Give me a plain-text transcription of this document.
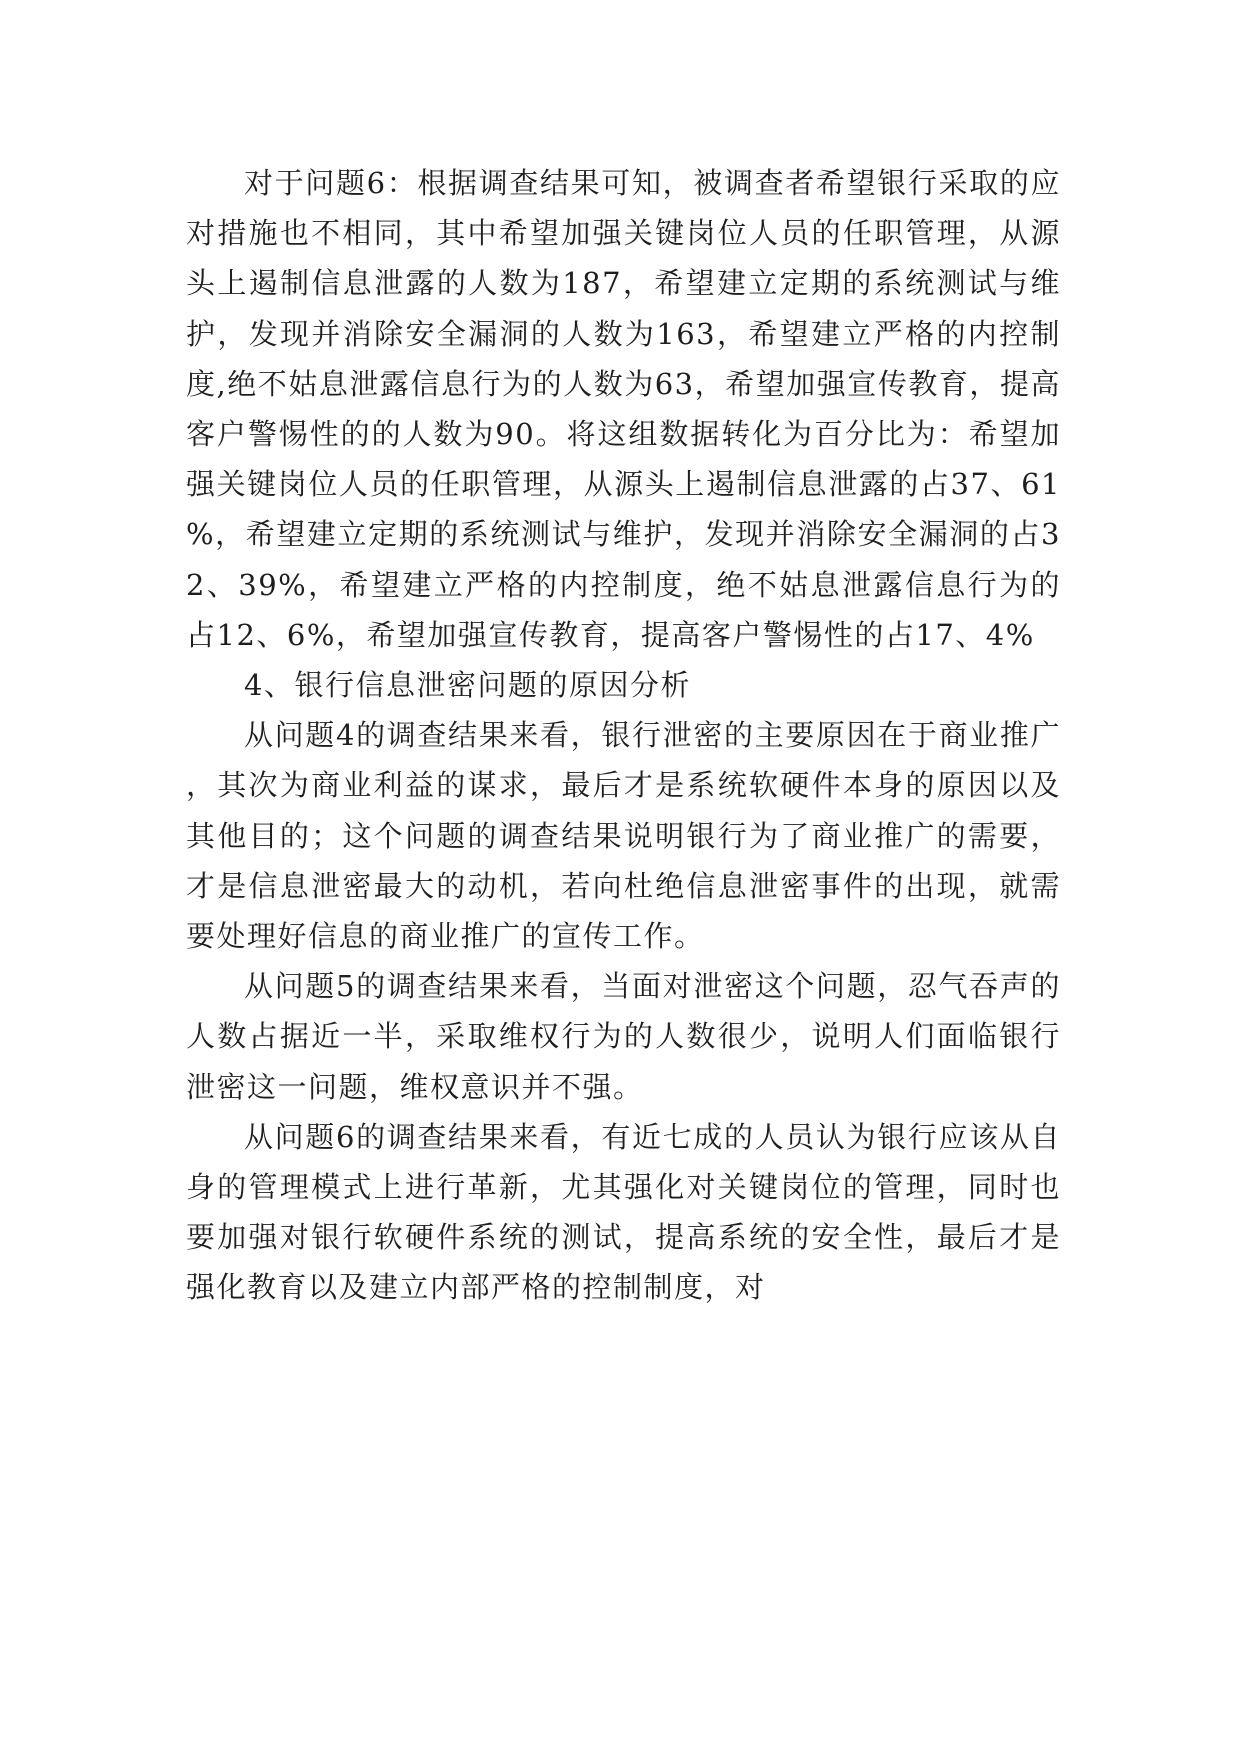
对于问题6：根据调查结果可知，被调查者希望银行采取的应对措施也不相同，其中希望加强关键岗位人员的任职管理，从源头上遏制信息泄露的人数为187，希望建立定期的系统测试与维护，发现并消除安全漏洞的人数为163，希望建立严格的内控制度,绝不姑息泄露信息行为的人数为63，希望加强宣传教育，提高客户警惕性的的人数为90。将这组数据转化为百分比为：希望加强关键岗位人员的任职管理，从源头上遏制信息泄露的占37、61%，希望建立定期的系统测试与维护，发现并消除安全漏洞的占32、39%，希望建立严格的内控制度，绝不姑息泄露信息行为的占12、6%，希望加强宣传教育，提高客户警惕性的占17、4%

4、银行信息泄密问题的原因分析

从问题4的调查结果来看，银行泄密的主要原因在于商业推广，其次为商业利益的谋求，最后才是系统软硬件本身的原因以及其他目的；这个问题的调查结果说明银行为了商业推广的需要，才是信息泄密最大的动机，若向杜绝信息泄密事件的出现，就需要处理好信息的商业推广的宣传工作。

从问题5的调查结果来看，当面对泄密这个问题，忍气吞声的人数占据近一半，采取维权行为的人数很少，说明人们面临银行泄密这一问题，维权意识并不强。

从问题6的调查结果来看，有近七成的人员认为银行应该从自身的管理模式上进行革新，尤其强化对关键岗位的管理，同时也要加强对银行软硬件系统的测试，提高系统的安全性，最后才是强化教育以及建立内部严格的控制制度，对
